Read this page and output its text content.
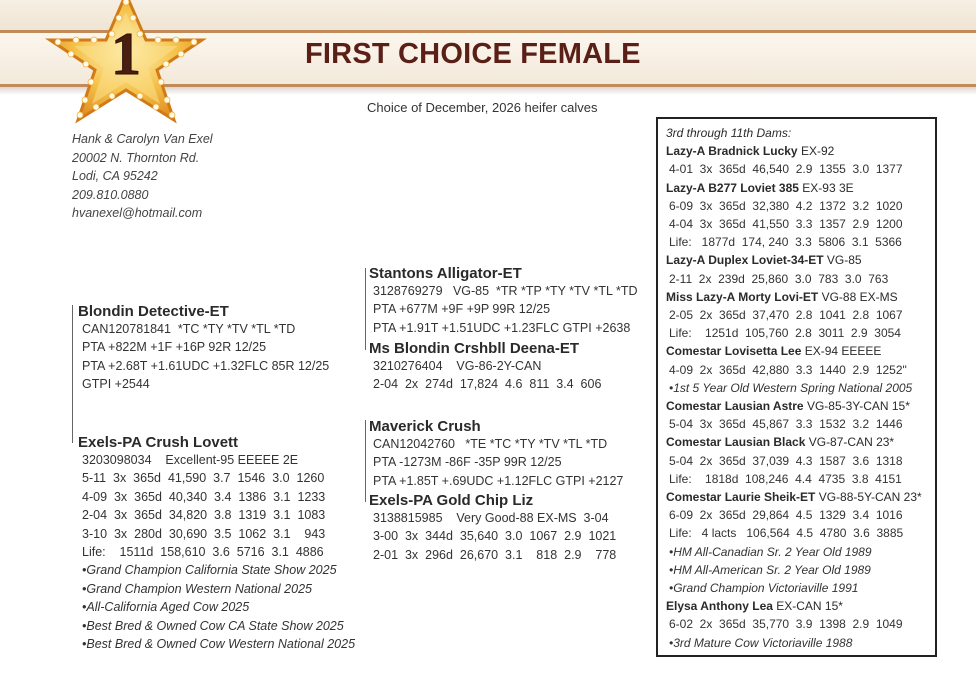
1	FIRST CHOICE FEMALE
Choice of December, 2026 heifer calves
Hank & Carolyn Van Exel
20002 N. Thornton Rd.
Lodi, CA 95242
209.810.0880
hvanexel@hotmail.com
Blondin Detective-ET
CAN120781841  *TC *TY *TV *TL *TD
PTA +822M +1F +16P 92R 12/25
PTA +2.68T +1.61UDC +1.32FLC 85R 12/25
GTPI +2544
Exels-PA Crush Lovett
3203098034    Excellent-95 EEEEE 2E
5-11  3x  365d  41,590  3.7  1546  3.0  1260
4-09  3x  365d  40,340  3.4  1386  3.1  1233
2-04  3x  365d  34,820  3.8  1319  3.1  1083
3-10  3x  280d  30,690  3.5  1062  3.1    943
Life:    1511d  158,610  3.6  5716  3.1  4886
•Grand Champion California State Show 2025
•Grand Champion Western National 2025
•All-California Aged Cow 2025
•Best Bred & Owned Cow CA State Show 2025
•Best Bred & Owned Cow Western National 2025
Stantons Alligator-ET
3128769279   VG-85  *TR *TP *TY *TV *TL *TD
PTA +677M +9F +9P 99R 12/25
PTA +1.91T +1.51UDC +1.23FLC GTPI +2638
Ms Blondin Crshbll Deena-ET
3210276404    VG-86-2Y-CAN
2-04  2x  274d  17,824  4.6  811  3.4  606
Maverick Crush
CAN12042760   *TE *TC *TY *TV *TL *TD
PTA -1273M -86F -35P 99R 12/25
PTA +1.85T +.69UDC +1.12FLC GTPI +2127
Exels-PA Gold Chip Liz
3138815985    Very Good-88 EX-MS  3-04
3-00  3x  344d  35,640  3.0  1067  2.9  1021
2-01  3x  296d  26,670  3.1    818  2.9    778
3rd through 11th Dams:
Lazy-A Bradnick Lucky EX-92
4-01  3x  365d  46,540  2.9  1355  3.0  1377
Lazy-A B277 Loviet 385 EX-93 3E
6-09  3x  365d  32,380  4.2  1372  3.2  1020
4-04  3x  365d  41,550  3.3  1357  2.9  1200
Life:   1877d  174, 240  3.3  5806  3.1  5366
Lazy-A Duplex Loviet-34-ET VG-85
2-11  2x  239d  25,860  3.0  783  3.0  763
Miss Lazy-A Morty Lovi-ET VG-88 EX-MS
2-05  2x  365d  37,470  2.8  1041  2.8  1067
Life:    1251d  105,760  2.8  3011  2.9  3054
Comestar Lovisetta Lee EX-94 EEEEE
4-09  2x  365d  42,880  3.3  1440  2.9  1252"
•1st 5 Year Old Western Spring National 2005
Comestar Lausian Astre VG-85-3Y-CAN 15*
5-04  3x  365d  45,867  3.3  1532  3.2  1446
Comestar Lausian Black VG-87-CAN 23*
5-04  2x  365d  37,039  4.3  1587  3.6  1318
Life:    1818d  108,246  4.4  4735  3.8  4151
Comestar Laurie Sheik-ET VG-88-5Y-CAN 23*
6-09  2x  365d  29,864  4.5  1329  3.4  1016
Life:   4 lacts   106,564  4.5  4780  3.6  3885
•HM All-Canadian Sr. 2 Year Old 1989
•HM All-American Sr. 2 Year Old 1989
•Grand Champion Victoriaville 1991
Elysa Anthony Lea EX-CAN 15*
6-02  2x  365d  35,770  3.9  1398  2.9  1049
•3rd Mature Cow Victoriaville 1988
